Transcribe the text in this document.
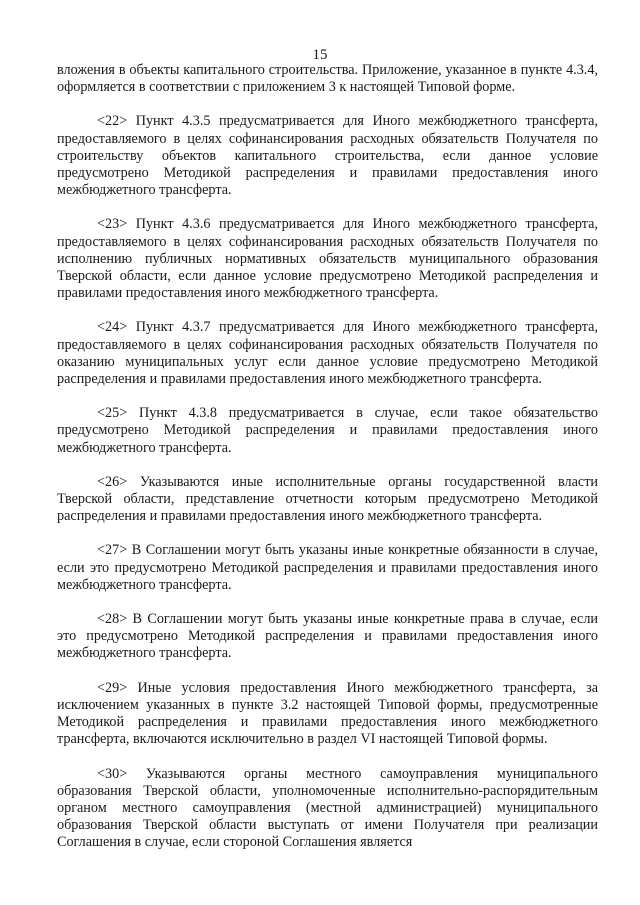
15

вложения в объекты капитального строительства. Приложение, указанное в пункте 4.3.4, оформляется в соответствии с приложением 3 к настоящей Типовой форме.

<22> Пункт 4.3.5 предусматривается для Иного межбюджетного трансферта, предоставляемого в целях софинансирования расходных обязательств Получателя по строительству объектов капитального строительства, если данное условие предусмотрено Методикой распределения и правилами предоставления иного межбюджетного трансферта.

<23> Пункт 4.3.6 предусматривается для Иного межбюджетного трансферта, предоставляемого в целях софинансирования расходных обязательств Получателя по исполнению публичных нормативных обязательств муниципального образования Тверской области, если данное условие предусмотрено Методикой распределения и правилами предоставления иного межбюджетного трансферта.

<24> Пункт 4.3.7 предусматривается для Иного межбюджетного трансферта, предоставляемого в целях софинансирования расходных обязательств Получателя по оказанию муниципальных услуг если данное условие предусмотрено Методикой распределения и правилами предоставления иного межбюджетного трансферта.

<25> Пункт 4.3.8 предусматривается в случае, если такое обязательство предусмотрено Методикой распределения и правилами предоставления иного межбюджетного трансферта.

<26> Указываются иные исполнительные органы государственной власти Тверской области, представление отчетности которым предусмотрено Методикой распределения и правилами предоставления иного межбюджетного трансферта.

<27> В Соглашении могут быть указаны иные конкретные обязанности в случае, если это предусмотрено Методикой распределения и правилами предоставления иного межбюджетного трансферта.

<28> В Соглашении могут быть указаны иные конкретные права в случае, если это предусмотрено Методикой распределения и правилами предоставления иного межбюджетного трансферта.

<29> Иные условия предоставления Иного межбюджетного трансферта, за исключением указанных в пункте 3.2 настоящей Типовой формы, предусмотренные Методикой распределения и правилами предоставления иного межбюджетного трансферта, включаются исключительно в раздел VI настоящей Типовой формы.

<30> Указываются органы местного самоуправления муниципального образования Тверской области, уполномоченные исполнительно-распорядительным органом местного самоуправления (местной администрацией) муниципального образования Тверской области выступать от имени Получателя при реализации Соглашения в случае, если стороной Соглашения является
